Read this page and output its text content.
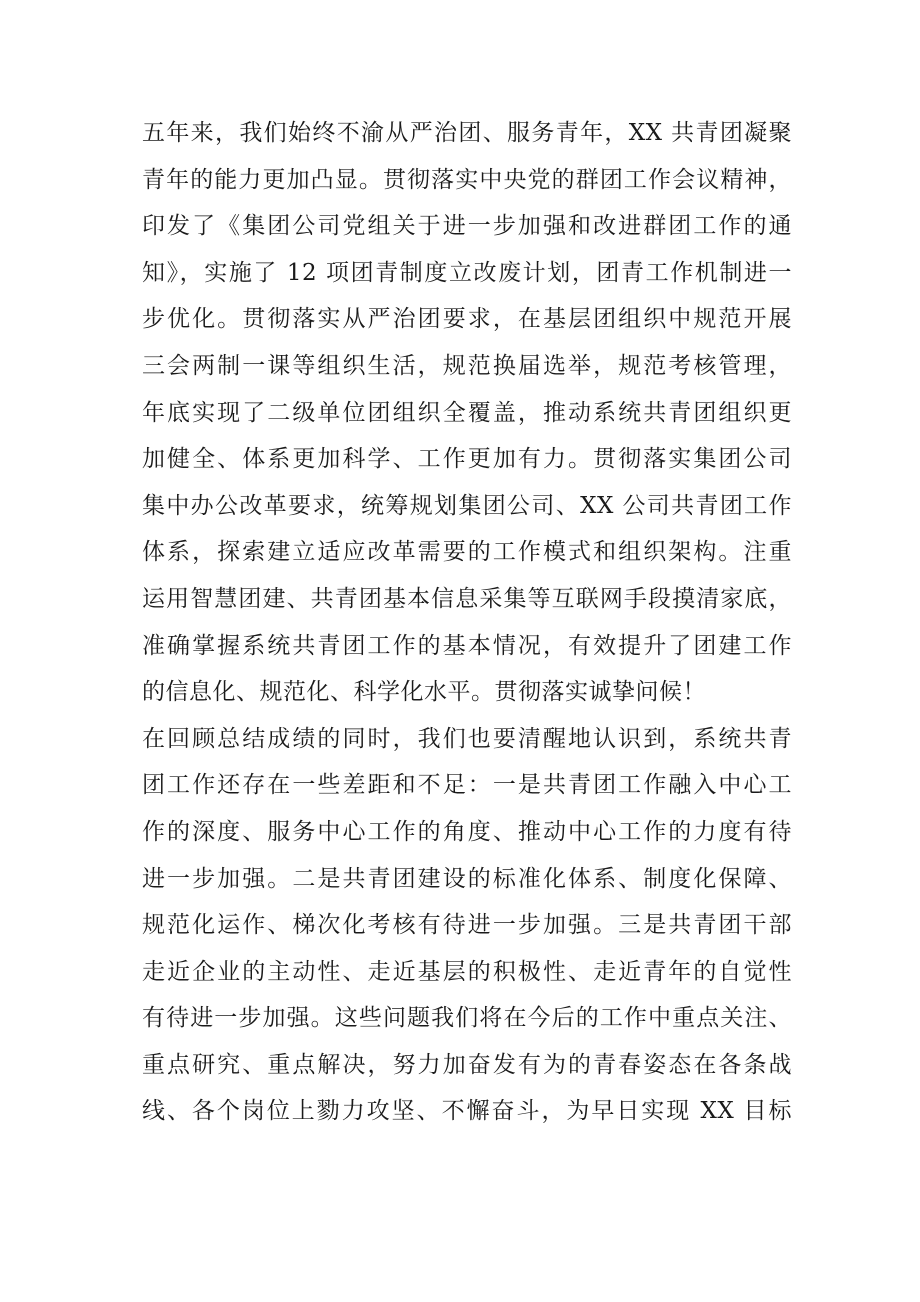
五年来，我们始终不渝从严治团、服务青年，XX 共青团凝聚
青年的能力更加凸显。贯彻落实中央党的群团工作会议精神，
印发了《集团公司党组关于进一步加强和改进群团工作的通
知》，实施了 12 项团青制度立改废计划，团青工作机制进一
步优化。贯彻落实从严治团要求，在基层团组织中规范开展
三会两制一课等组织生活，规范换届选举，规范考核管理，
年底实现了二级单位团组织全覆盖，推动系统共青团组织更
加健全、体系更加科学、工作更加有力。贯彻落实集团公司
集中办公改革要求，统筹规划集团公司、XX 公司共青团工作
体系，探索建立适应改革需要的工作模式和组织架构。注重
运用智慧团建、共青团基本信息采集等互联网手段摸清家底，
准确掌握系统共青团工作的基本情况，有效提升了团建工作
的信息化、规范化、科学化水平。贯彻落实诚挚问候！
在回顾总结成绩的同时，我们也要清醒地认识到，系统共青
团工作还存在一些差距和不足：一是共青团工作融入中心工
作的深度、服务中心工作的角度、推动中心工作的力度有待
进一步加强。二是共青团建设的标准化体系、制度化保障、
规范化运作、梯次化考核有待进一步加强。三是共青团干部
走近企业的主动性、走近基层的积极性、走近青年的自觉性
有待进一步加强。这些问题我们将在今后的工作中重点关注、
重点研究、重点解决，努力加奋发有为的青春姿态在各条战
线、各个岗位上勠力攻坚、不懈奋斗，为早日实现 XX 目标
